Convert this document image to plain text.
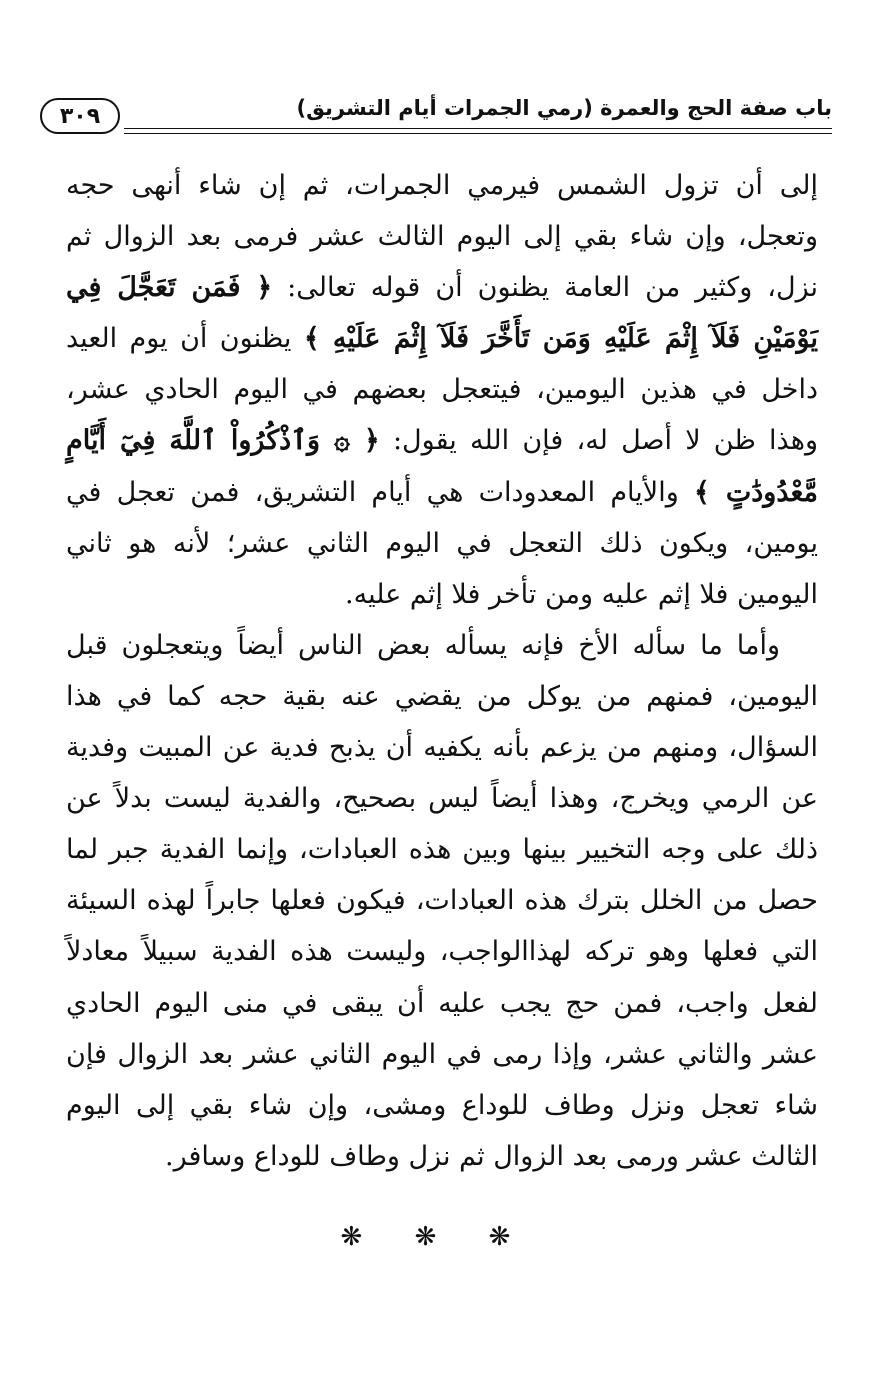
٣٠٩	باب صفة الحج والعمرة (رمي الجمرات أيام التشريق)

إلى أن تزول الشمس فيرمي الجمرات، ثم إن شاء أنهى حجه وتعجل، وإن شاء بقي إلى اليوم الثالث عشر فرمى بعد الزوال ثم نزل، وكثير من العامة يظنون أن قوله تعالى: ﴿ فَمَن تَعَجَّلَ فِي يَوْمَيْنِ فَلَآ إِثْمَ عَلَيْهِ وَمَن تَأَخَّرَ فَلَآ إِثْمَ عَلَيْهِ ﴾ يظنون أن يوم العيد داخل في هذين اليومين، فيتعجل بعضهم في اليوم الحادي عشر، وهذا ظن لا أصل له، فإن الله يقول: ﴿ ۞ وَٱذْكُرُواْ ٱللَّهَ فِيٓ أَيَّامٍ مَّعْدُودَٰتٍ ﴾ والأيام المعدودات هي أيام التشريق، فمن تعجل في يومين، ويكون ذلك التعجل في اليوم الثاني عشر؛ لأنه هو ثاني اليومين فلا إثم عليه ومن تأخر فلا إثم عليه.

وأما ما سأله الأخ فإنه يسأله بعض الناس أيضاً ويتعجلون قبل اليومين، فمنهم من يوكل من يقضي عنه بقية حجه كما في هذا السؤال، ومنهم من يزعم بأنه يكفيه أن يذبح فدية عن المبيت وفدية عن الرمي ويخرج، وهذا أيضاً ليس بصحيح، والفدية ليست بدلاً عن ذلك على وجه التخيير بينها وبين هذه العبادات، وإنما الفدية جبر لما حصل من الخلل بترك هذه العبادات، فيكون فعلها جابراً لهذه السيئة التي فعلها وهو تركه لهذاالواجب، وليست هذه الفدية سبيلاً معادلاً لفعل واجب، فمن حج يجب عليه أن يبقى في منى اليوم الحادي عشر والثاني عشر، وإذا رمى في اليوم الثاني عشر بعد الزوال فإن شاء تعجل ونزل وطاف للوداع ومشى، وإن شاء بقي إلى اليوم الثالث عشر ورمى بعد الزوال ثم نزل وطاف للوداع وسافر.

❋ ❋ ❋
